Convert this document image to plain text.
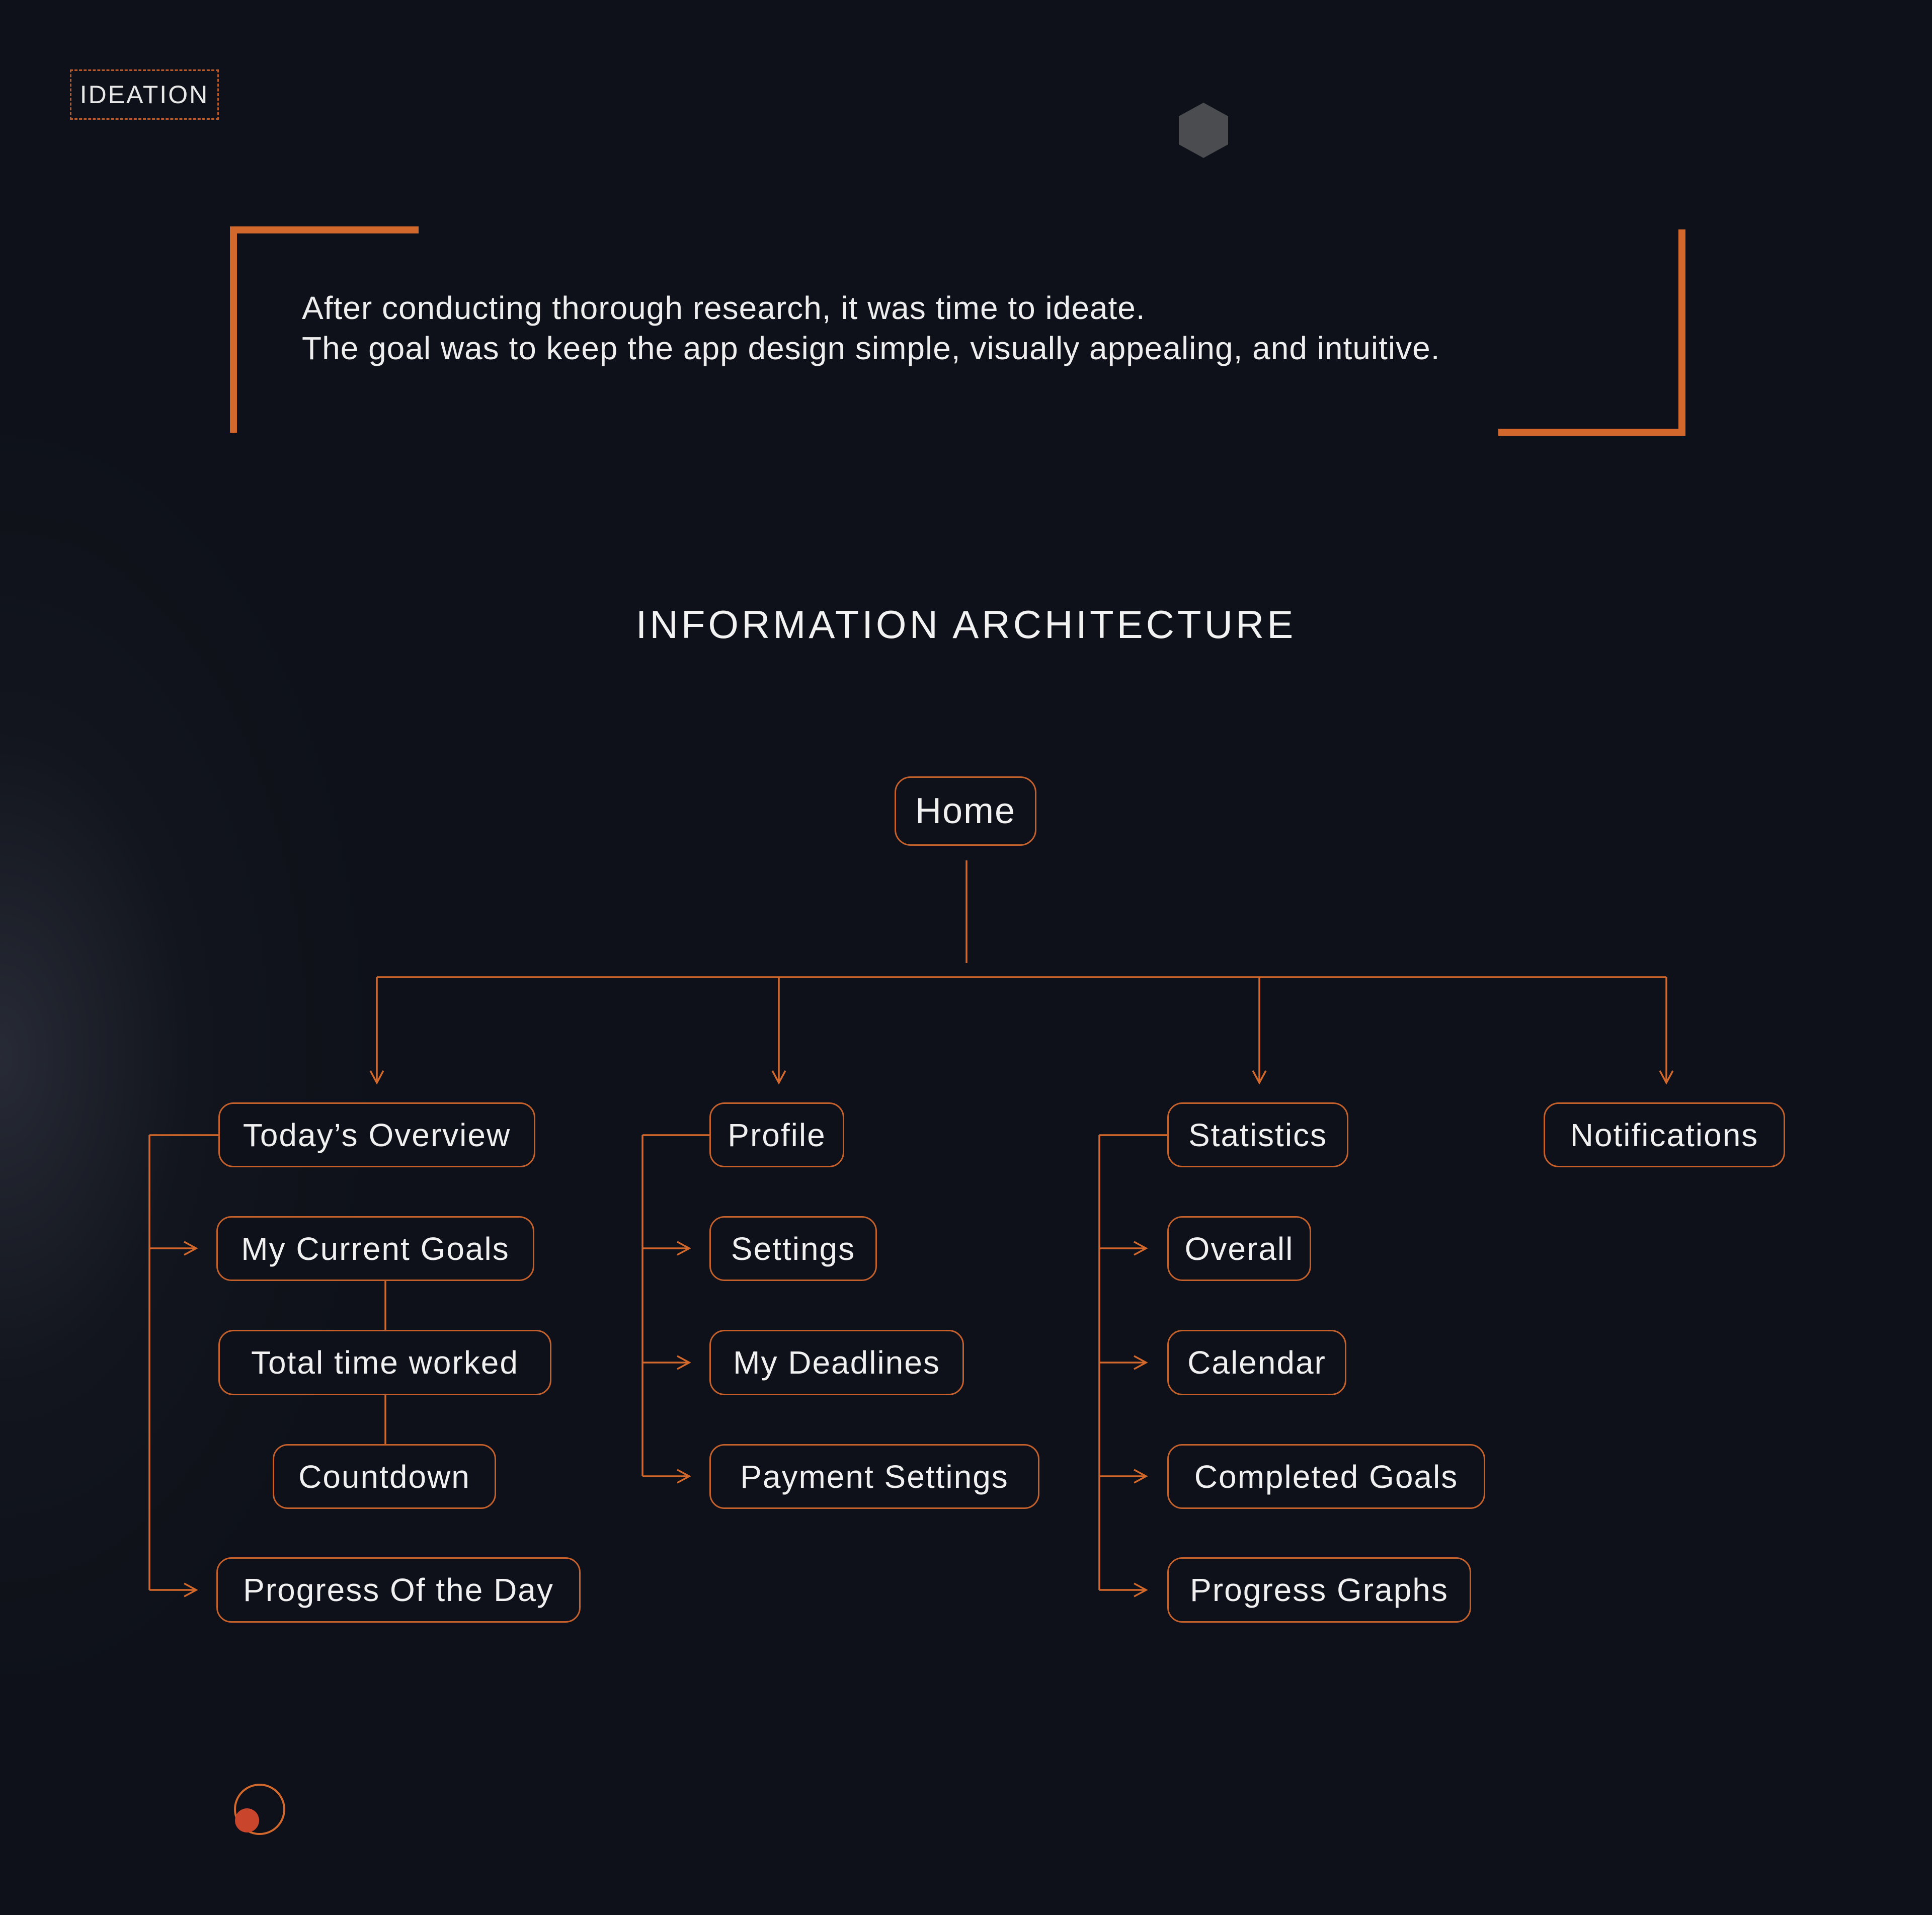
IDEATION
After conducting thorough research, it was time to ideate.
The goal was to keep the app design simple, visually appealing, and intuitive.
INFORMATION ARCHITECTURE
Home
Today’s Overview
My Current Goals
Total time worked
Countdown
Progress Of the Day
Profile
Settings
My Deadlines
Payment Settings
Statistics
Overall
Calendar
Completed Goals
Progress Graphs
Notifications
